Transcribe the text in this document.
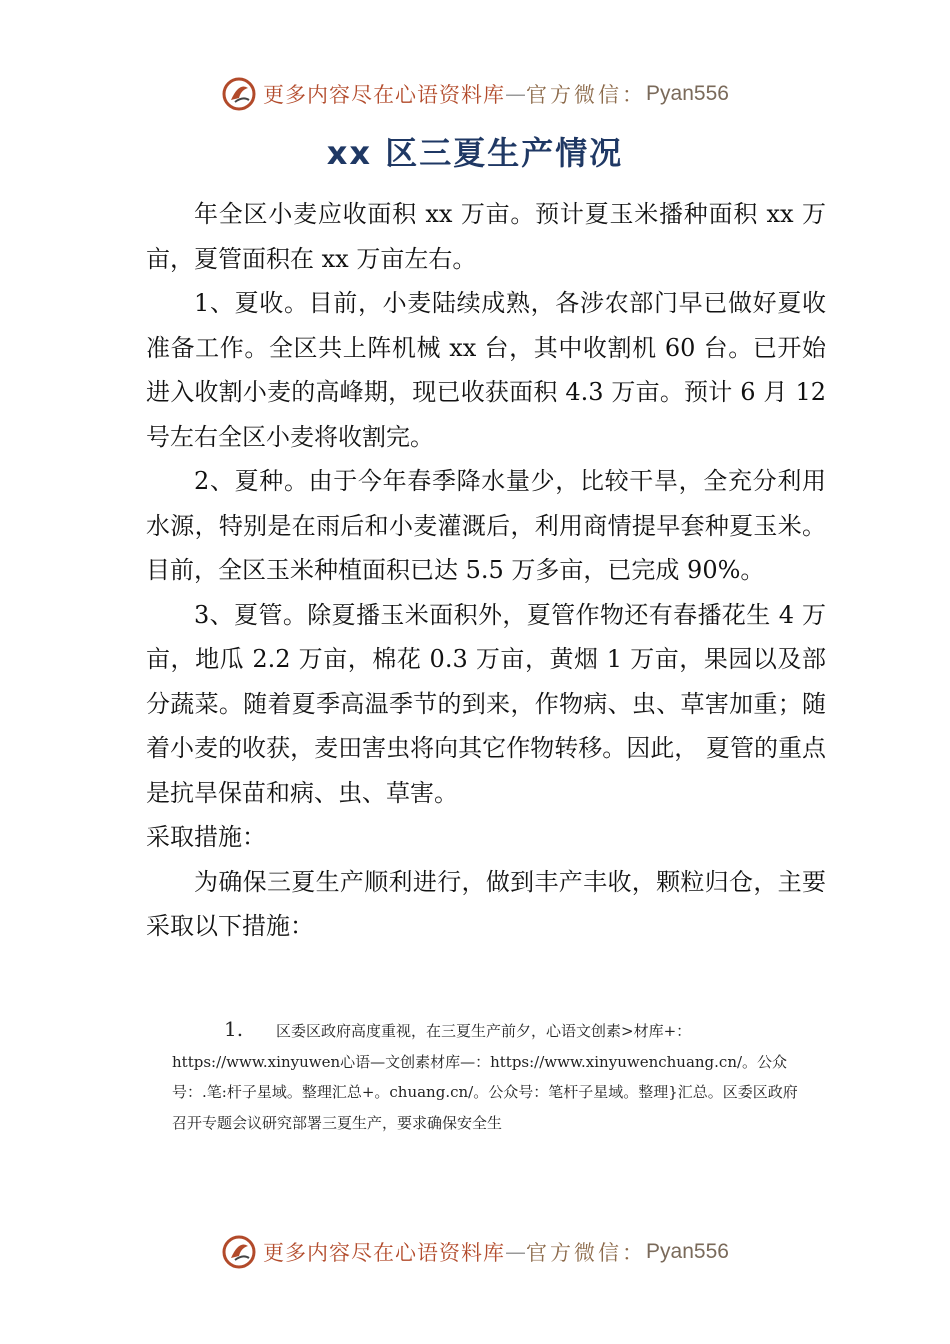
更多内容尽在心语资料库 — 官方微信： Pyan556
xx 区三夏生产情况

年全区小麦应收面积 xx 万亩。预计夏玉米播种面积 xx 万亩，夏管面积在 xx 万亩左右。

1、夏收。目前，小麦陆续成熟，各涉农部门早已做好夏收准备工作。全区共上阵机械 xx 台，其中收割机 60 台。已开始进入收割小麦的高峰期，现已收获面积 4.3 万亩。预计 6 月 12 号左右全区小麦将收割完。

2、夏种。由于今年春季降水量少，比较干旱，全充分利用水源，特别是在雨后和小麦灌溉后，利用商情提早套种夏玉米。目前，全区玉米种植面积已达 5.5 万多亩，已完成 90%。

3、夏管。除夏播玉米面积外，夏管作物还有春播花生 4 万亩，地瓜 2.2 万亩，棉花 0.3 万亩，黄烟 1 万亩，果园以及部分蔬菜。随着夏季高温季节的到来，作物病、虫、草害加重；随着小麦的收获，麦田害虫将向其它作物转移。因此， 夏管的重点是抗旱保苗和病、虫、草害。

采取措施：

为确保三夏生产顺利进行，做到丰产丰收，颗粒归仓，主要采取以下措施：

1. 区委区政府高度重视，在三夏生产前夕，心语文创素>材库+：https://www.xinyuwen心语—文创素材库—：https://www.xinyuwenchuang.cn/。公众号：.笔:杆子星域。整理汇总+。chuang.cn/。公众号：笔杆子星域。整理}汇总。区委区政府召开专题会议研究部署三夏生产，要求确保安全生
更多内容尽在心语资料库 — 官方微信： Pyan556
